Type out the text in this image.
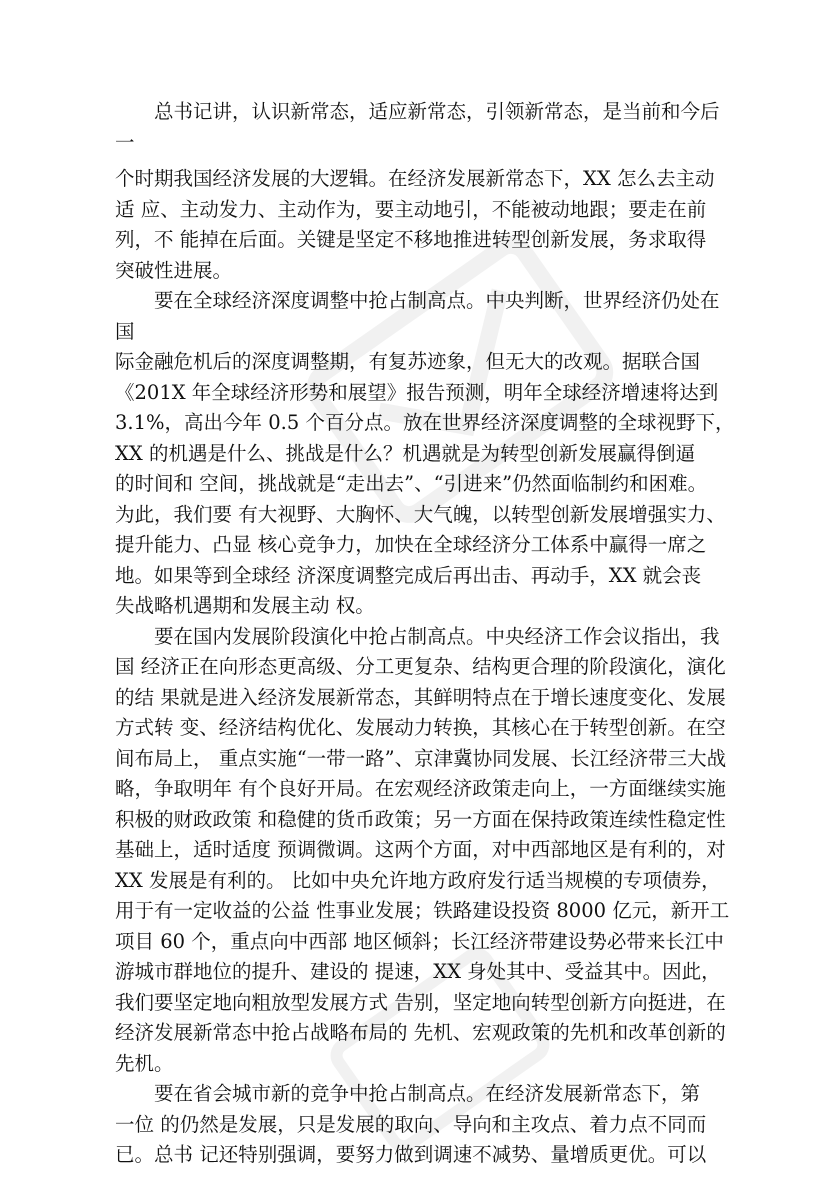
　　总书记讲，认识新常态，适应新常态，引领新常态，是当前和今后
一

个时期我国经济发展的大逻辑。在经济发展新常态下，XX 怎么去主动
适 应、主动发力、主动作为，要主动地引，不能被动地跟；要走在前
列，不 能掉在后面。关键是坚定不移地推进转型创新发展，务求取得
突破性进展。

　　要在全球经济深度调整中抢占制高点。中央判断，世界经济仍处在
国

际金融危机后的深度调整期，有复苏迹象，但无大的改观。据联合国
《201X 年全球经济形势和展望》报告预测，明年全球经济增速将达到
3.1%，高出今年 0.5 个百分点。放在世界经济深度调整的全球视野下，
XX 的机遇是什么、挑战是什么？机遇就是为转型创新发展赢得倒逼
的时间和 空间，挑战就是“走出去”、“引进来”仍然面临制约和困难。
为此，我们要 有大视野、大胸怀、大气魄，以转型创新发展增强实力、
提升能力、凸显 核心竞争力，加快在全球经济分工体系中赢得一席之
地。如果等到全球经 济深度调整完成后再出击、再动手，XX 就会丧
失战略机遇期和发展主动 权。

　　要在国内发展阶段演化中抢占制高点。中央经济工作会议指出，我
国 经济正在向形态更高级、分工更复杂、结构更合理的阶段演化，演化
的结 果就是进入经济发展新常态，其鲜明特点在于增长速度变化、发展
方式转 变、经济结构优化、发展动力转换，其核心在于转型创新。在空
间布局上， 重点实施“一带一路”、京津冀协同发展、长江经济带三大战
略，争取明年 有个良好开局。在宏观经济政策走向上，一方面继续实施
积极的财政政策 和稳健的货币政策；另一方面在保持政策连续性稳定性
基础上，适时适度 预调微调。这两个方面，对中西部地区是有利的，对
XX 发展是有利的。 比如中央允许地方政府发行适当规模的专项债券，
用于有一定收益的公益 性事业发展；铁路建设投资 8000 亿元，新开工
项目 60 个，重点向中西部 地区倾斜；长江经济带建设势必带来长江中
游城市群地位的提升、建设的 提速，XX 身处其中、受益其中。因此，
我们要坚定地向粗放型发展方式 告别，坚定地向转型创新方向挺进，在
经济发展新常态中抢占战略布局的 先机、宏观政策的先机和改革创新的
先机。

　　要在省会城市新的竞争中抢占制高点。在经济发展新常态下，第
一位 的仍然是发展，只是发展的取向、导向和主攻点、着力点不同而
已。总书 记还特别强调，要努力做到调速不减势、量增质更优。可以
